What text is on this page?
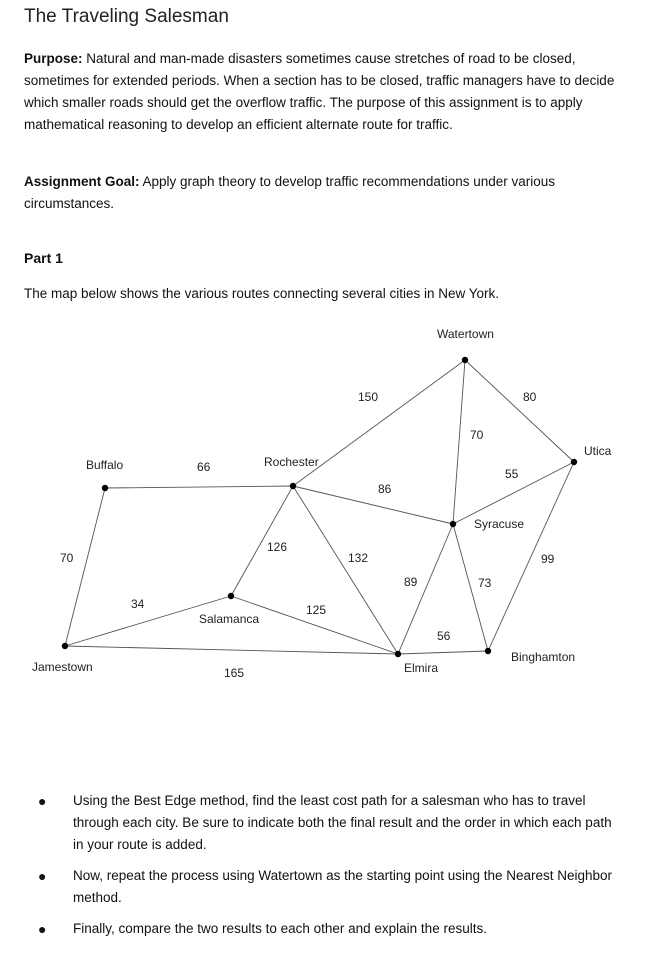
The Traveling Salesman
Purpose: Natural and man-made disasters sometimes cause stretches of road to be closed, sometimes for extended periods. When a section has to be closed, traffic managers have to decide which smaller roads should get the overflow traffic. The purpose of this assignment is to apply mathematical reasoning to develop an efficient alternate route for traffic.
Assignment Goal: Apply graph theory to develop traffic recommendations under various circumstances.
Part 1
The map below shows the various routes connecting several cities in New York.
150	80
70
66	55
86
70
126
132	99
89	73
34	125
56
165
Watertown
Utica
Buffalo	Rochester
Syracuse
Salamanca
Jamestown	Elmira
Binghamton
● Using the Best Edge method, find the least cost path for a salesman who has to travel through each city. Be sure to indicate both the final result and the order in which each path in your route is added.
● Now, repeat the process using Watertown as the starting point using the Nearest Neighbor method.
● Finally, compare the two results to each other and explain the results.
